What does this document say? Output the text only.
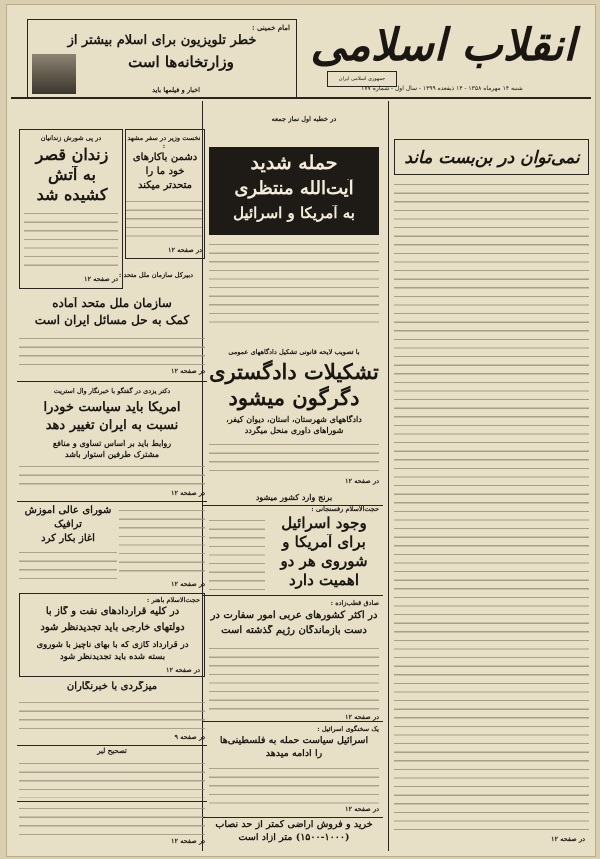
انقلاب اسلامی
جمهوری اسلامی ایران
شنبه ۱۴ مهرماه ۱۳۵۸ - ۱۴ ذیقعده ۱۳۹۹ - سال اول - شماره ۱۷۷
امام خمینی :
خطر تلویزیون برای اسلام بیشتر از
وزارتخانه‌ها است
اخبار و فیلمها باید
نمی‌توان در بن‌بست ماند
در صفحه ۱۲
در خطبه اول نماز جمعه
حمله شدید
آیت‌الله منتظری
به آمریکا و اسرائیل
با تصویب لایحه قانونی تشکیل دادگاههای عمومی
تشکیلات دادگستری
دگرگون میشود
دادگاههای شهرستان، استان، دیوان کیفر،
شوراهای داوری منحل میگردد
در صفحه ۱۲
برنج وارد کشور میشود
در پی شورش زندانیان
زندان قصر
به آتش
کشیده شد
در صفحه ۱۲
نخست وزیر در سفر مشهد :
دشمن باکارهای
خود ما را
متحدتر میکند
در صفحه ۱۲
دبیرکل سازمان ملل متحد :
سازمان ملل متحد آماده
کمک به حل مسائل ایران است
در صفحه ۱۲
دکتر یزدی در گفتگو با خبرنگار وال استریت
آمریکا باید سیاست خودرا
نسبت به ایران تغییر دهد
روابط باید بر اساس تساوی و منافع
مشترک طرفین استوار باشد
در صفحه ۱۲
شورای عالی آموزش
ترافیک
آغاز بکار کرد
در صفحه ۱۲
حجت‌الاسلام رفسنجانی :
وجود اسرائیل
برای آمریکا و
شوروی هر دو
اهمیت دارد
حجت‌الاسلام باهنر :
در کلیه قراردادهای نفت و گاز با
دولتهای خارجی باید تجدیدنظر شود
در قرارداد گازی که با بهای ناچیز با شوروی
بسته شده باید تجدیدنظر شود
در صفحه ۱۲
صادق قطب‌زاده :
در اکثر کشورهای عربی امور سفارت در
دست بازماندگان رژیم گذشته است
در صفحه ۱۲
میزگردی با خبرنگاران
در صفحه ۹
تصحیح لیر
در صفحه ۱۲
یک سخنگوی اسرائیل :
اسرائیل سیاست حمله به فلسطینی‌ها
را ادامه میدهد
در صفحه ۱۲
خرید و فروش اراضی کمتر از حد نصاب
(۱۵۰۰-۱۰۰۰) متر آزاد است
